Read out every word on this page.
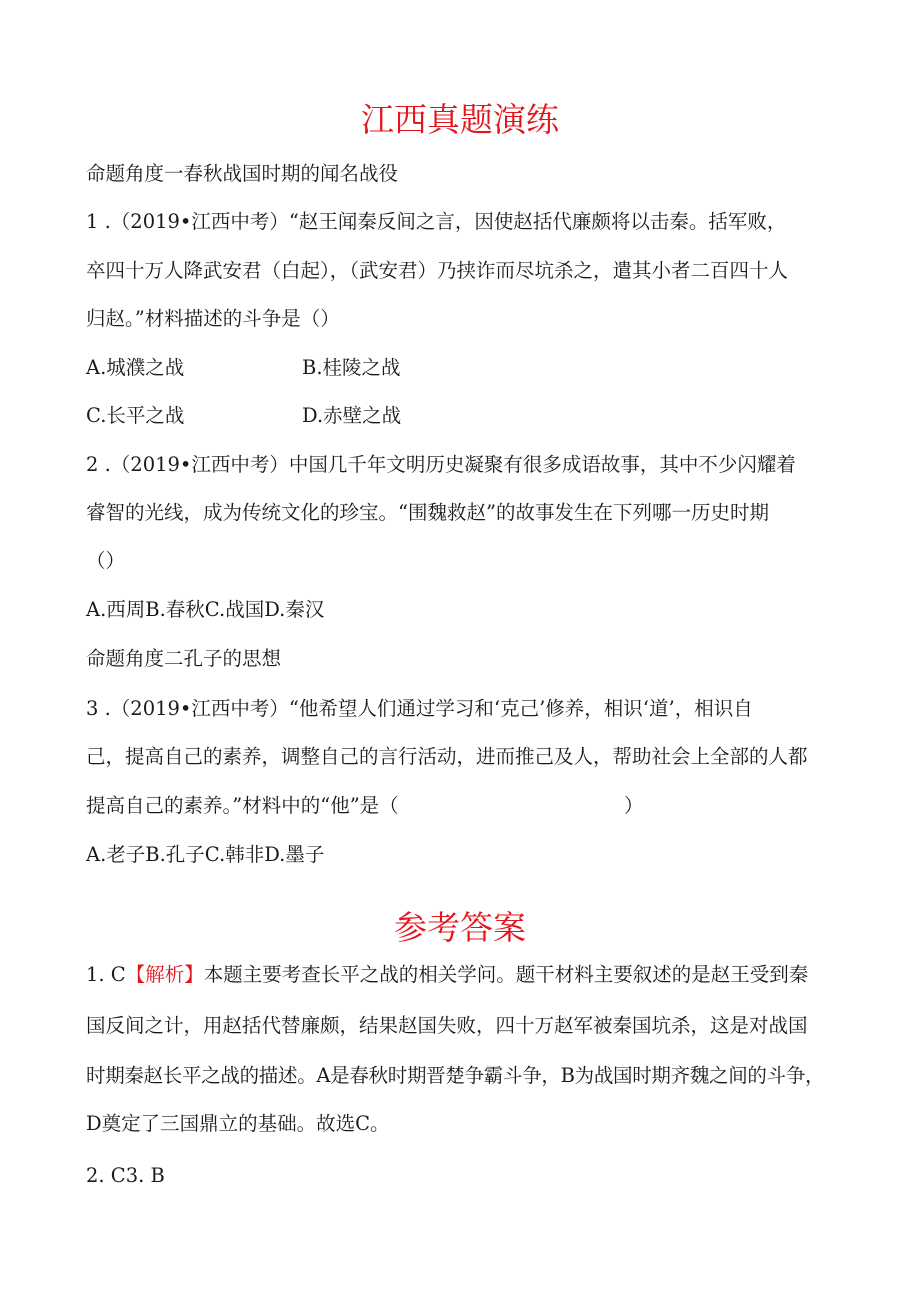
江西真题演练
命题角度一春秋战国时期的闻名战役
1 .（2019•江西中考）“赵王闻秦反间之言，因使赵括代廉颇将以击秦。括军败，
卒四十万人降武安君（白起），（武安君）乃挟诈而尽坑杀之，遣其小者二百四十人
归赵。”材料描述的斗争是（）
A.城濮之战	B.桂陵之战
C.长平之战	D.赤壁之战
2 .（2019•江西中考）中国几千年文明历史凝聚有很多成语故事，其中不少闪耀着
睿智的光线，成为传统文化的珍宝。“围魏救赵”的故事发生在下列哪一历史时期
（）
A.西周B.春秋C.战国D.秦汉
命题角度二孔子的思想
3 .（2019•江西中考）“他希望人们通过学习和‘克己’修养，相识‘道’，相识自
己，提高自己的素养，调整自己的言行活动，进而推己及人，帮助社会上全部的人都
提高自己的素养。”材料中的“他”是（	）
A.老子B.孔子C.韩非D.墨子
参考答案
1. C【解析】本题主要考查长平之战的相关学问。题干材料主要叙述的是赵王受到秦
国反间之计，用赵括代替廉颇，结果赵国失败，四十万赵军被秦国坑杀，这是对战国
时期秦赵长平之战的描述。A是春秋时期晋楚争霸斗争，B为战国时期齐魏之间的斗争，
D奠定了三国鼎立的基础。故选C。
2. C3. B
